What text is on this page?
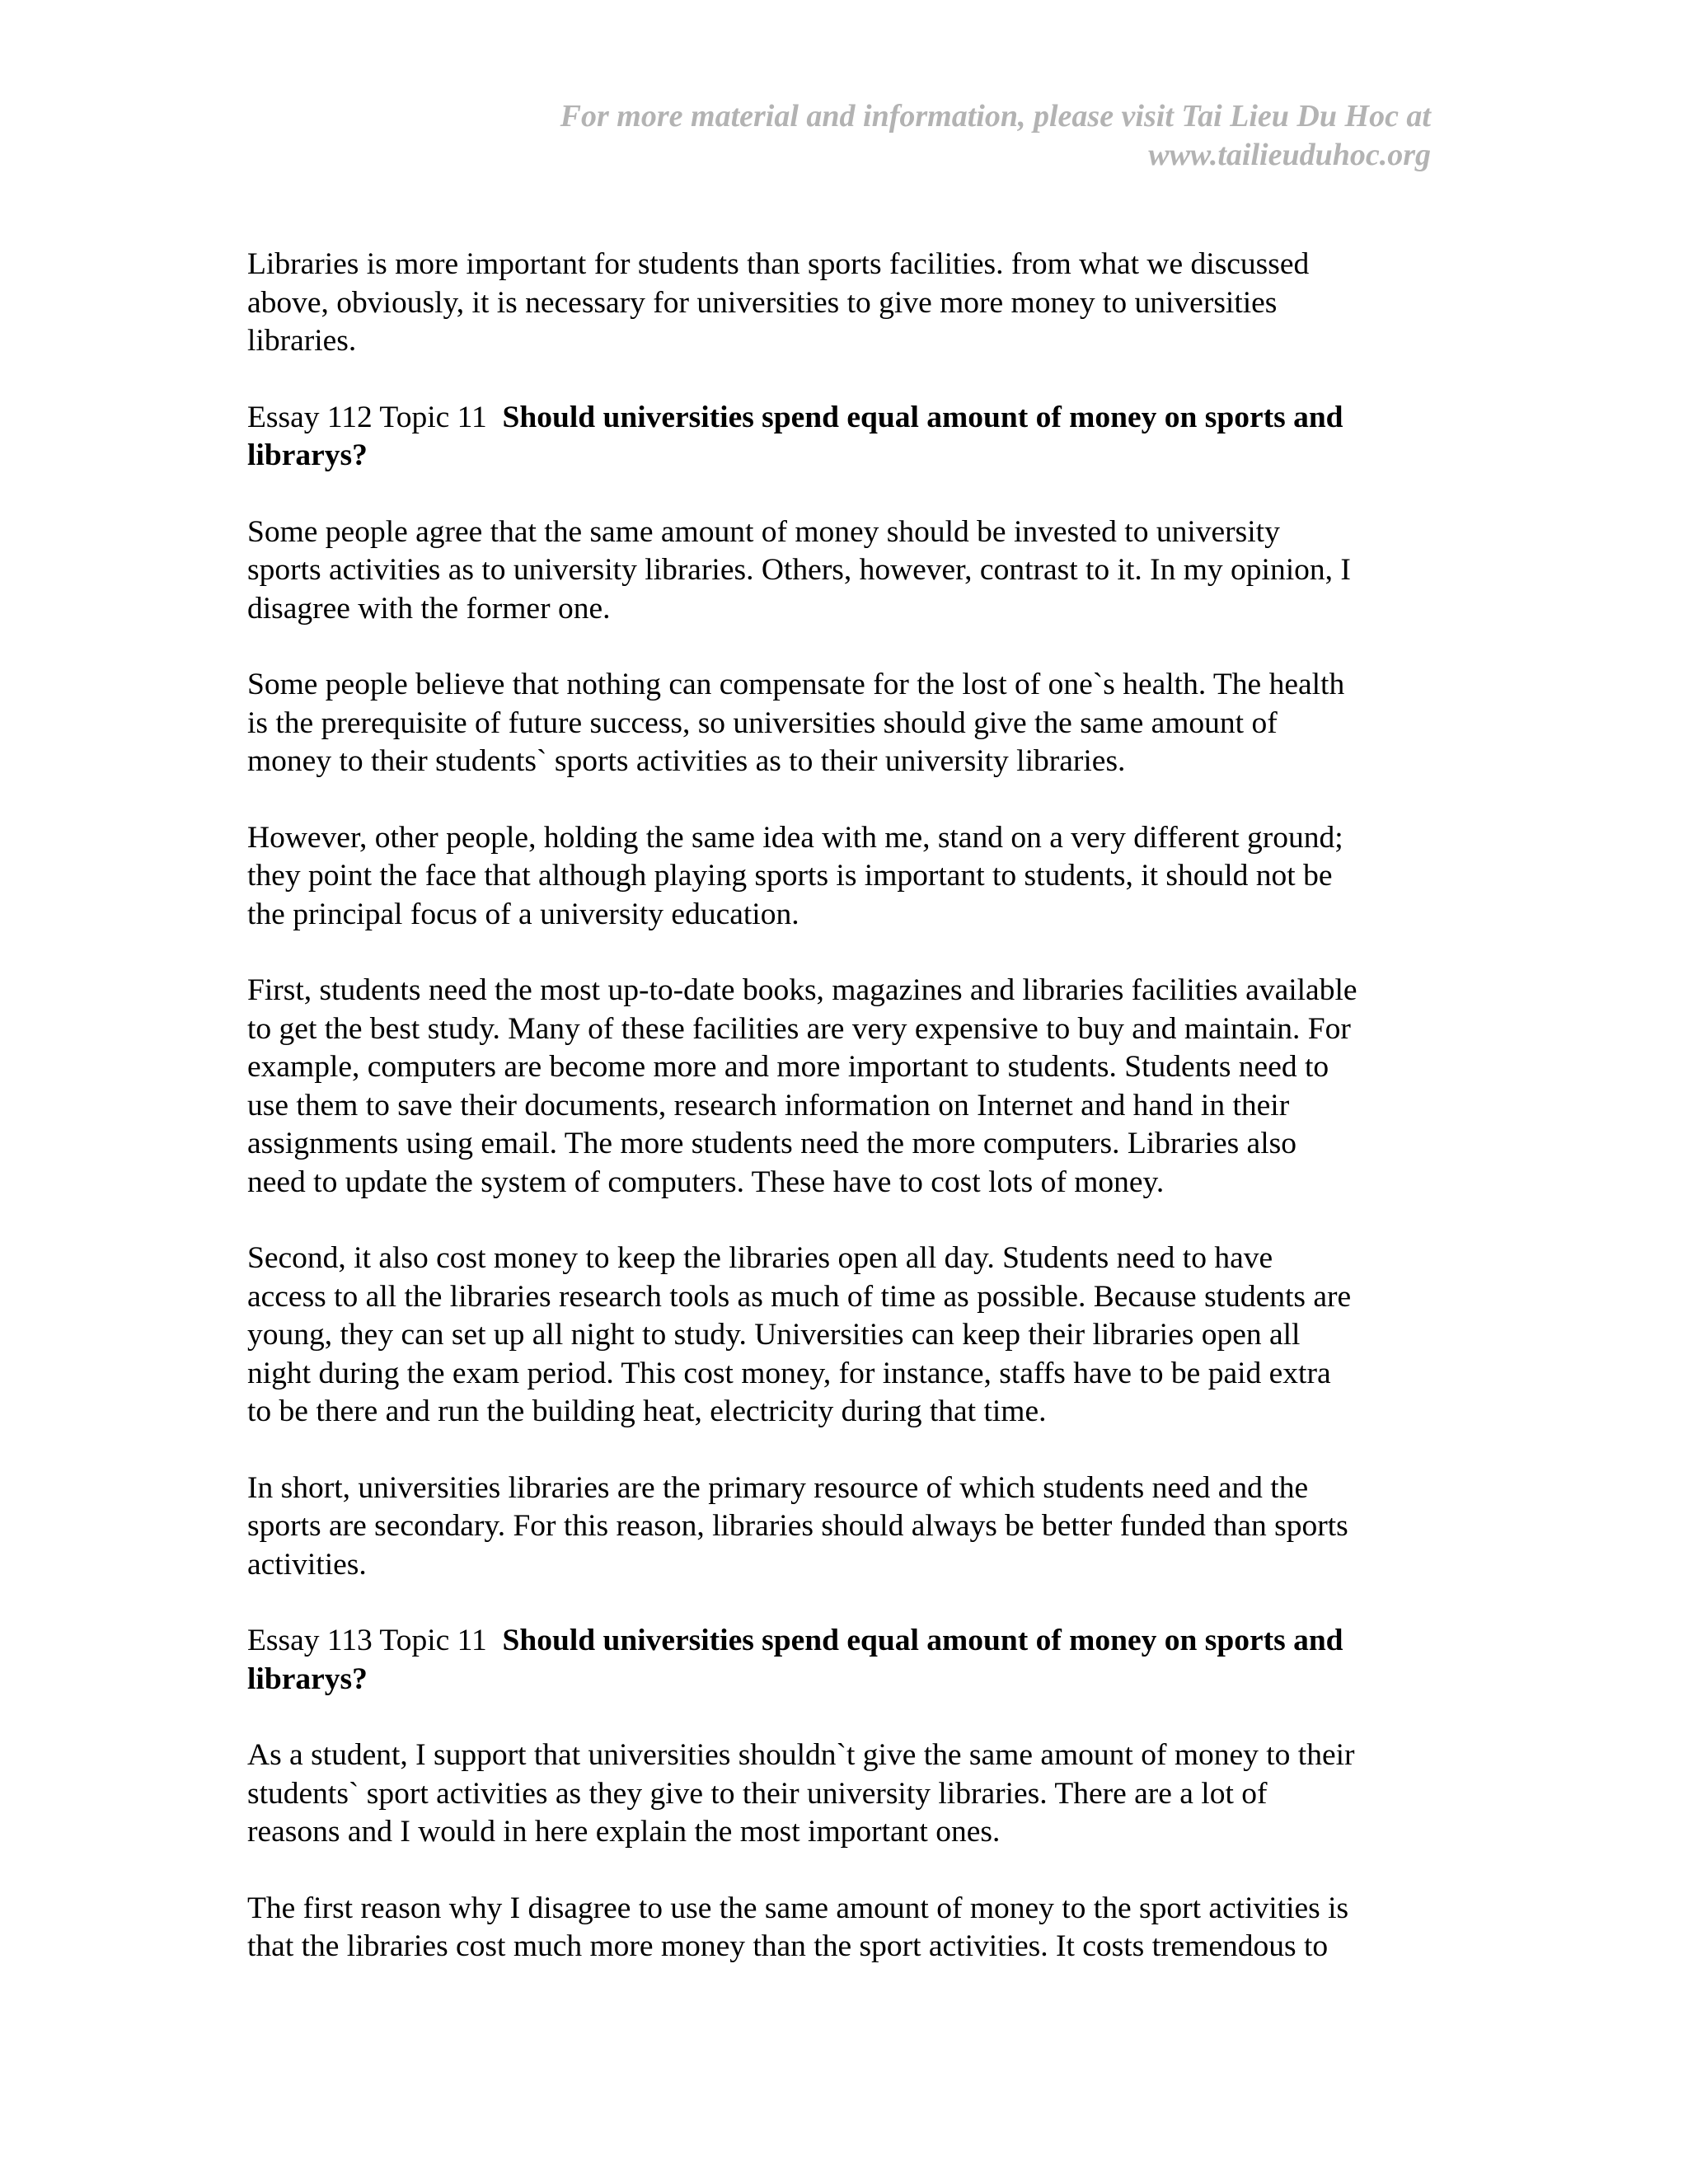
For more material and information, please visit Tai Lieu Du Hoc at
www.tailieuduhoc.org
Libraries is more important for students than sports facilities. from what we discussed
above, obviously, it is necessary for universities to give more money to universities
libraries.
Essay 112 Topic 11 Should universities spend equal amount of money on sports and
librarys?
Some people agree that the same amount of money should be invested to university
sports activities as to university libraries. Others, however, contrast to it. In my opinion, I
disagree with the former one.
Some people believe that nothing can compensate for the lost of one`s health. The health
is the prerequisite of future success, so universities should give the same amount of
money to their students` sports activities as to their university libraries.
However, other people, holding the same idea with me, stand on a very different ground;
they point the face that although playing sports is important to students, it should not be
the principal focus of a university education.
First, students need the most up-to-date books, magazines and libraries facilities available
to get the best study. Many of these facilities are very expensive to buy and maintain. For
example, computers are become more and more important to students. Students need to
use them to save their documents, research information on Internet and hand in their
assignments using email. The more students need the more computers. Libraries also
need to update the system of computers. These have to cost lots of money.
Second, it also cost money to keep the libraries open all day. Students need to have
access to all the libraries research tools as much of time as possible. Because students are
young, they can set up all night to study. Universities can keep their libraries open all
night during the exam period. This cost money, for instance, staffs have to be paid extra
to be there and run the building heat, electricity during that time.
In short, universities libraries are the primary resource of which students need and the
sports are secondary. For this reason, libraries should always be better funded than sports
activities.
Essay 113 Topic 11 Should universities spend equal amount of money on sports and
librarys?
As a student, I support that universities shouldn`t give the same amount of money to their
students` sport activities as they give to their university libraries. There are a lot of
reasons and I would in here explain the most important ones.
The first reason why I disagree to use the same amount of money to the sport activities is
that the libraries cost much more money than the sport activities. It costs tremendous to
